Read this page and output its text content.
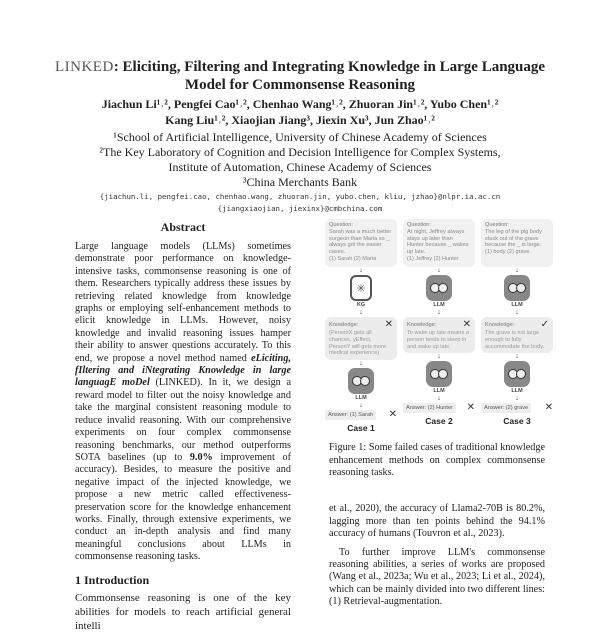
LINKED: Eliciting, Filtering and Integrating Knowledge in Large Language Model for Commonsense Reasoning
Jiachun Li¹˒², Pengfei Cao¹˒², Chenhao Wang¹˒², Zhuoran Jin¹˒², Yubo Chen¹˒²
Kang Liu¹˒², Xiaojian Jiang³, Jiexin Xu³, Jun Zhao¹˒²
¹School of Artificial Intelligence, University of Chinese Academy of Sciences
²The Key Laboratory of Cognition and Decision Intelligence for Complex Systems,
Institute of Automation, Chinese Academy of Sciences
³China Merchants Bank
{jiachun.li, pengfei.cao, chenhao.wang, zhuoran.jin, yubo.chen, kliu, jzhao}@nlpr.ia.ac.cn
{jiangxiaojian, jiexinx}@cmbchina.com
Abstract
Large language models (LLMs) sometimes demonstrate poor performance on knowledge-intensive tasks, commonsense reasoning is one of them. Researchers typically address these issues by retrieving related knowledge from knowledge graphs or employing self-enhancement methods to elicit knowledge in LLMs. However, noisy knowledge and invalid reasoning issues hamper their ability to answer questions accurately. To this end, we propose a novel method named eLiciting, fIltering and iNtegrating Knowledge in large languagE moDel (LINKED). In it, we design a reward model to filter out the noisy knowledge and take the marginal consistent reasoning module to reduce invalid reasoning. With our comprehensive experiments on four complex commonsense reasoning benchmarks, our method outperforms SOTA baselines (up to 9.0% improvement of accuracy). Besides, to measure the positive and negative impact of the injected knowledge, we propose a new metric called effectiveness-preservation score for the knowledge enhancement works. Finally, through extensive experiments, we conduct an in-depth analysis and find many meaningful conclusions about LLMs in commonsense reasoning tasks.
1 Introduction
Commonsense reasoning is one of the key abilities for models to reach artificial general intelli
Question:
Sarah was a much better surgeon than Maria so _ always got the easier cases.
(1) Sarah (2) Maria
↓
✳
KG
↓
Knowledge:	✕
(PersonX gets all chances, yEffect, PersonY will gets more medical experience)
↓
LLM
↓
Answer: (1) Sarah	✕
Case 1
Question:
At night, Jeffrey always stays up later than Hunter because _ wakes up late.
(1) Jeffrey (2) Hunter
↓
LLM
↓
Knowledge:	✕
To wake up late means a person tends to sleep in and wake up late.
↓
LLM
↓
Answer: (2) Hunter	✕
Case 2
Question:
The leg of the pig body stuck out of the grave because the _ is large.
(1) body (2) grave
↓
LLM
↓
Knowledge:	✓
The grave is not large enough to fully accommodate the body.
↓
LLM
↓
Answer: (2) grave	✕
Case 3
Figure 1: Some failed cases of traditional knowledge enhancement methods on complex commonsense reasoning tasks.
et al., 2020), the accuracy of Llama2-70B is 80.2%, lagging more than ten points behind the 94.1% accuracy of humans (Touvron et al., 2023).
To further improve LLM's commonsense reasoning abilities, a series of works are proposed (Wang et al., 2023a; Wu et al., 2023; Li et al., 2024), which can be mainly divided into two different lines: (1) Retrieval-augmentation.
